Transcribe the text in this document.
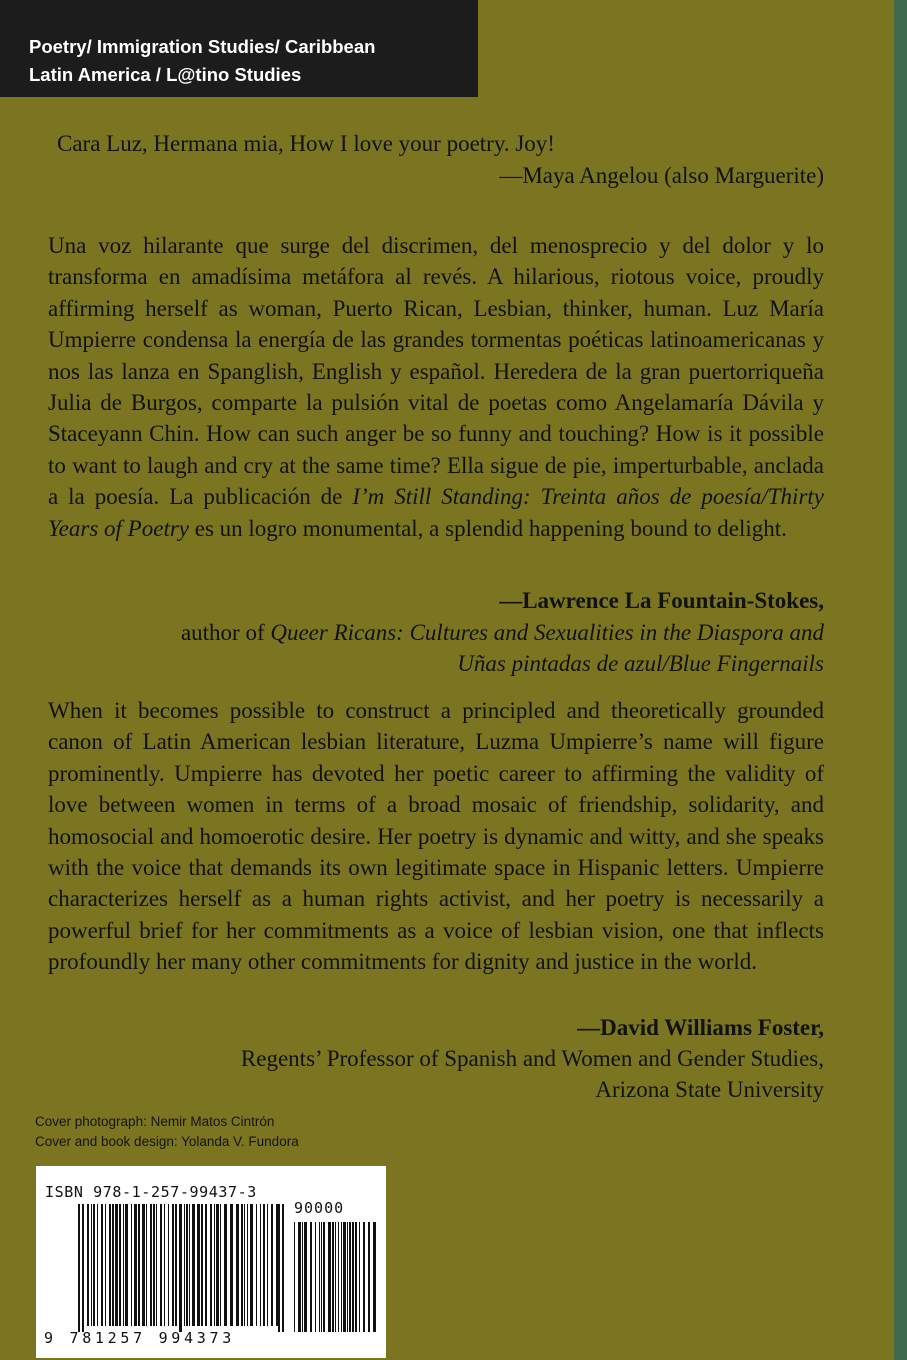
Poetry/ Immigration Studies/ Caribbean
Latin America / L@tino Studies
Cara Luz, Hermana mia, How I love your poetry. Joy!
—Maya Angelou (also Marguerite)
Una voz hilarante que surge del discrimen, del menosprecio y del dolor y lo transforma en amadísima metáfora al revés. A hilarious, riotous voice, proudly affirming herself as woman, Puerto Rican, Lesbian, thinker, human. Luz María Umpierre condensa la energía de las grandes tormentas poéticas latinoamericanas y nos las lanza en Spanglish, English y español. Heredera de la gran puertorriqueña Julia de Burgos, comparte la pulsión vital de poetas como Angelamaría Dávila y Staceyann Chin. How can such anger be so funny and touching? How is it possible to want to laugh and cry at the same time? Ella sigue de pie, imperturbable, anclada a la poesía. La publicación de I’m Still Standing: Treinta años de poesía/Thirty Years of Poetry es un logro monumental, a splendid happening bound to delight.
—Lawrence La Fountain-Stokes,
author of Queer Ricans: Cultures and Sexualities in the Diaspora and
Uñas pintadas de azul/Blue Fingernails
When it becomes possible to construct a principled and theoretically grounded canon of Latin American lesbian literature, Luzma Umpierre’s name will figure prominently. Umpierre has devoted her poetic career to affirming the validity of love between women in terms of a broad mosaic of friendship, solidarity, and homosocial and homoerotic desire. Her poetry is dynamic and witty, and she speaks with the voice that demands its own legitimate space in Hispanic letters. Umpierre characterizes herself as a human rights activist, and her poetry is necessarily a powerful brief for her commitments as a voice of lesbian vision, one that inflects profoundly her many other commitments for dignity and justice in the world.
—David Williams Foster,
Regents’ Professor of Spanish and Women and Gender Studies,
Arizona State University
Cover photograph: Nemir Matos Cintrón
Cover and book design: Yolanda V. Fundora
ISBN 978-1-257-99437-3
90000
9 781257 994373
